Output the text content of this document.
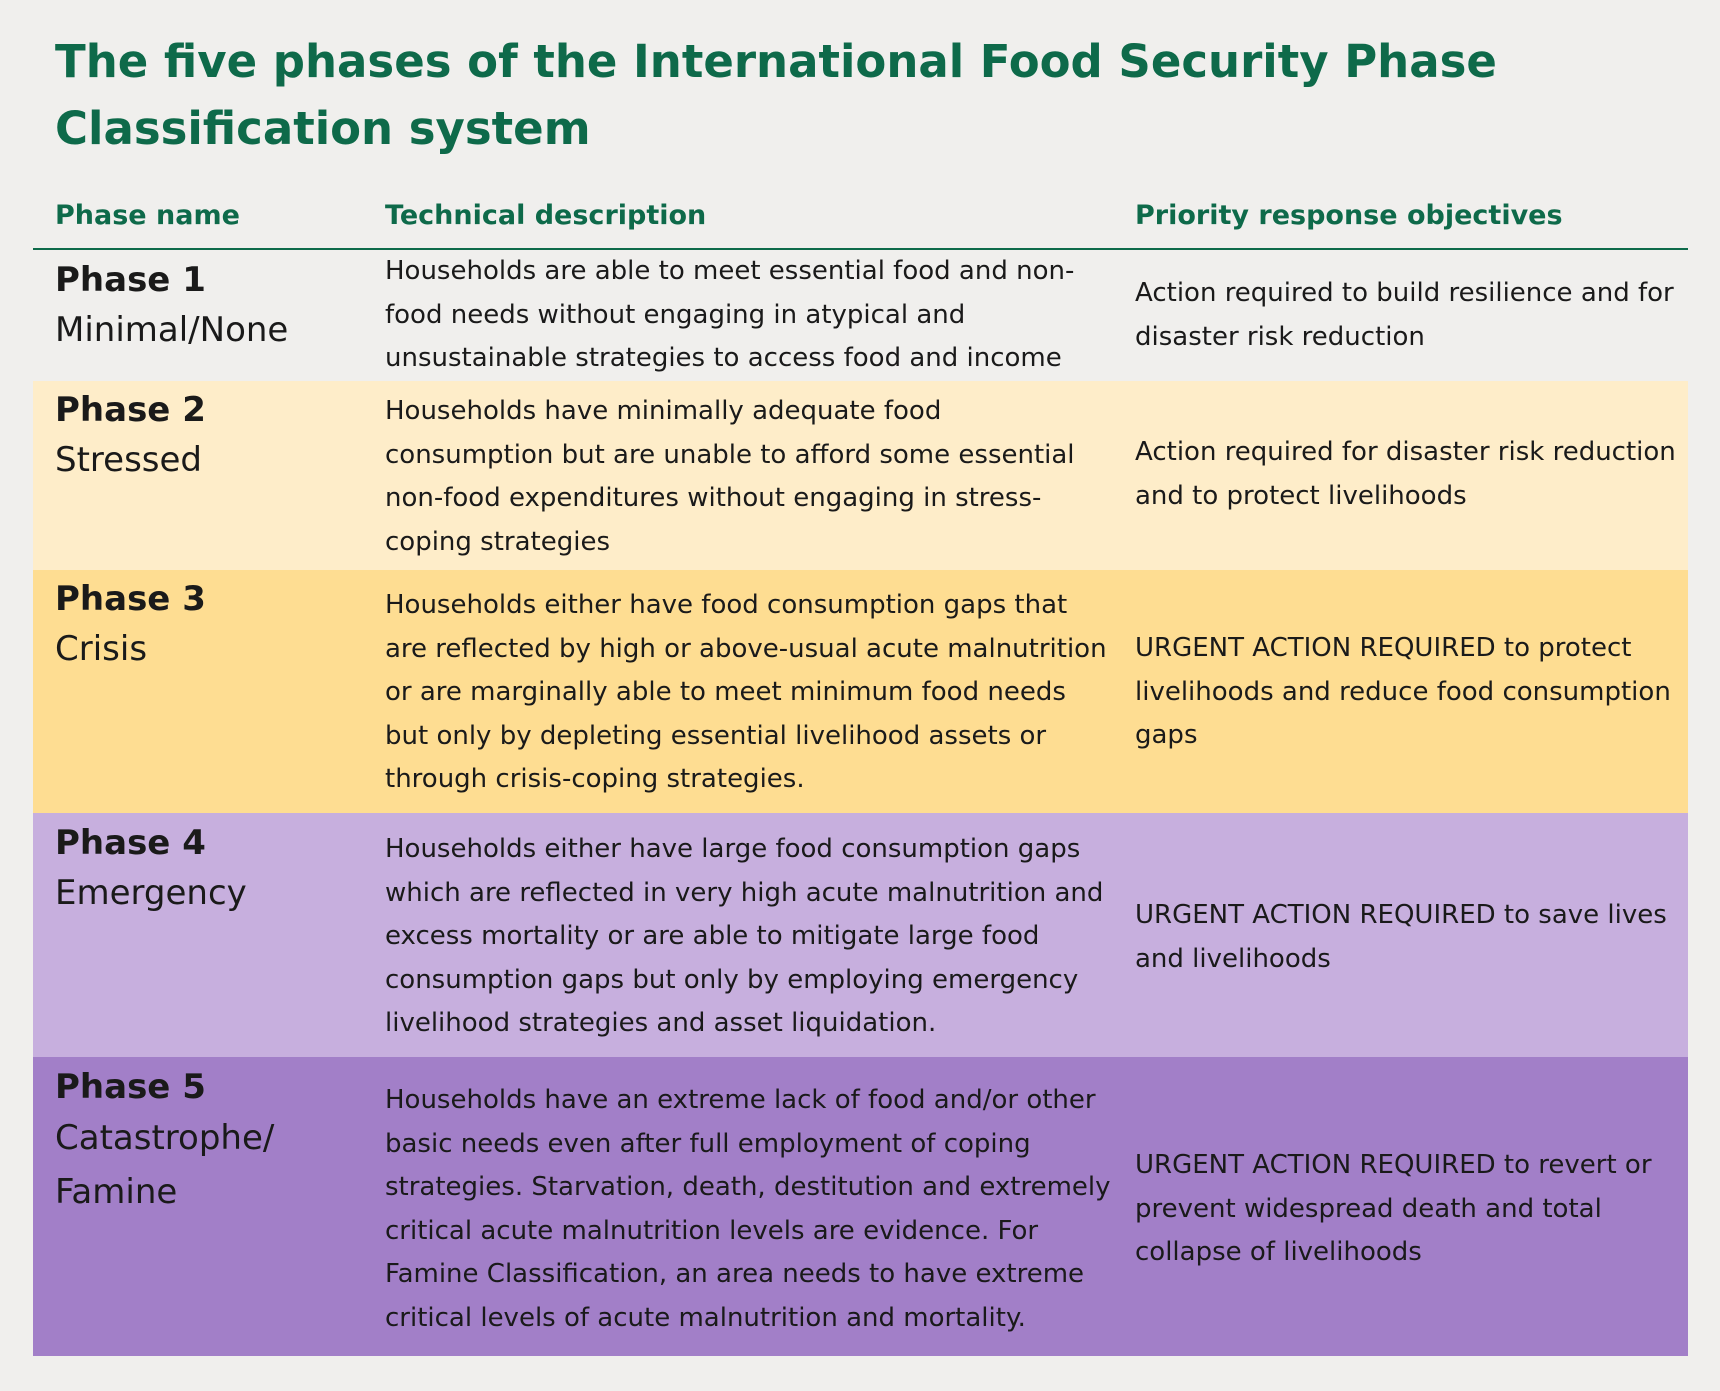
The five phases of the International Food Security Phase Classification system
Phase name	Technical description	Priority response objectives
Phase 1
Minimal/None
Households are able to meet essential food and non-food needs without engaging in atypical and unsustainable strategies to access food and income
Action required to build resilience and for disaster risk reduction
Phase 2
Stressed
Households have minimally adequate food consumption but are unable to afford some essential non-food expenditures without engaging in stress-coping strategies
Action required for disaster risk reduction and to protect livelihoods
Phase 3
Crisis
Households either have food consumption gaps that are reflected by high or above-usual acute malnutrition or are marginally able to meet minimum food needs but only by depleting essential livelihood assets or through crisis-coping strategies.
URGENT ACTION REQUIRED to protect livelihoods and reduce food consumption gaps
Phase 4
Emergency
Households either have large food consumption gaps which are reflected in very high acute malnutrition and excess mortality or are able to mitigate large food consumption gaps but only by employing emergency livelihood strategies and asset liquidation.
URGENT ACTION REQUIRED to save lives and livelihoods
Phase 5
Catastrophe/ Famine
Households have an extreme lack of food and/or other basic needs even after full employment of coping strategies. Starvation, death, destitution and extremely critical acute malnutrition levels are evidence. For Famine Classification, an area needs to have extreme critical levels of acute malnutrition and mortality.
URGENT ACTION REQUIRED to revert or prevent widespread death and total collapse of livelihoods
